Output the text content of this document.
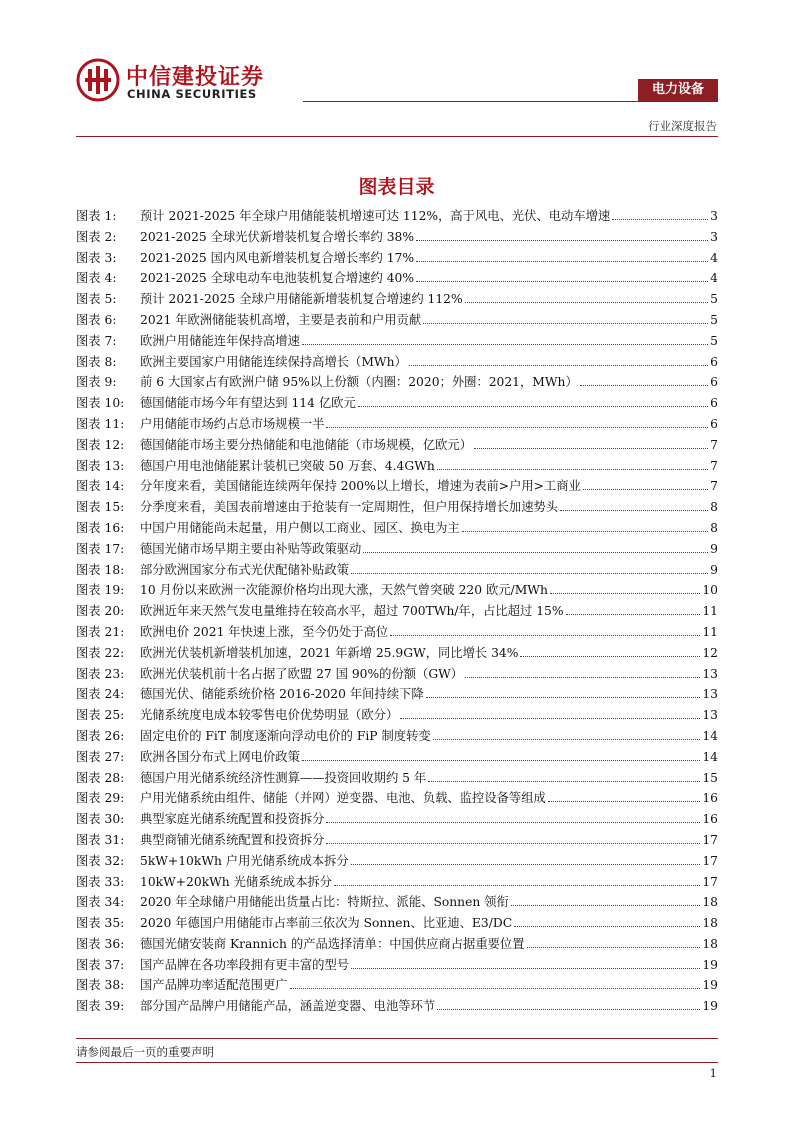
中信建投证券
CHINA SECURITIES	电力设备
行业深度报告
图表目录
图表 1:	预计 2021-2025 年全球户用储能装机增速可达 112%，高于风电、光伏、电动车增速	3
图表 2:	2021-2025 全球光伏新增装机复合增长率约 38%	3
图表 3:	2021-2025 国内风电新增装机复合增长率约 17%	4
图表 4:	2021-2025 全球电动车电池装机复合增速约 40%	4
图表 5:	预计 2021-2025 全球户用储能新增装机复合增速约 112%	5
图表 6:	2021 年欧洲储能装机高增，主要是表前和户用贡献	5
图表 7:	欧洲户用储能连年保持高增速	5
图表 8:	欧洲主要国家户用储能连续保持高增长（MWh）	6
图表 9:	前 6 大国家占有欧洲户储 95%以上份额（内圈：2020；外圈：2021，MWh）	6
图表 10:	德国储能市场今年有望达到 114 亿欧元	6
图表 11:	户用储能市场约占总市场规模一半	6
图表 12:	德国储能市场主要分热储能和电池储能（市场规模，亿欧元）	7
图表 13:	德国户用电池储能累计装机已突破 50 万套、4.4GWh	7
图表 14:	分年度来看，美国储能连续两年保持 200%以上增长，增速为表前>户用>工商业	7
图表 15:	分季度来看，美国表前增速由于抢装有一定周期性，但户用保持增长加速势头	8
图表 16:	中国户用储能尚未起量，用户侧以工商业、园区、换电为主	8
图表 17:	德国光储市场早期主要由补贴等政策驱动	9
图表 18:	部分欧洲国家分布式光伏配储补贴政策	9
图表 19:	10 月份以来欧洲一次能源价格均出现大涨，天然气曾突破 220 欧元/MWh	10
图表 20:	欧洲近年来天然气发电量维持在较高水平，超过 700TWh/年，占比超过 15%	11
图表 21:	欧洲电价 2021 年快速上涨，至今仍处于高位	11
图表 22:	欧洲光伏装机新增装机加速，2021 年新增 25.9GW，同比增长 34%	12
图表 23:	欧洲光伏装机前十名占据了欧盟 27 国 90%的份额（GW）	13
图表 24:	德国光伏、储能系统价格 2016-2020 年间持续下降	13
图表 25:	光储系统度电成本较零售电价优势明显（欧分）	13
图表 26:	固定电价的 FiT 制度逐渐向浮动电价的 FiP 制度转变	14
图表 27:	欧洲各国分布式上网电价政策	14
图表 28:	德国户用光储系统经济性测算——投资回收期约 5 年	15
图表 29:	户用光储系统由组件、储能（并网）逆变器、电池、负载、监控设备等组成	16
图表 30:	典型家庭光储系统配置和投资拆分	16
图表 31:	典型商铺光储系统配置和投资拆分	17
图表 32:	5kW+10kWh 户用光储系统成本拆分	17
图表 33:	10kW+20kWh 光储系统成本拆分	17
图表 34:	2020 年全球储户用储能出货量占比：特斯拉、派能、Sonnen 领衔	18
图表 35:	2020 年德国户用储能市占率前三依次为 Sonnen、比亚迪、E3/DC	18
图表 36:	德国光储安装商 Krannich 的产品选择清单：中国供应商占据重要位置	18
图表 37:	国产品牌在各功率段拥有更丰富的型号	19
图表 38:	国产品牌功率适配范围更广	19
图表 39:	部分国产品牌户用储能产品，涵盖逆变器、电池等环节	19
请参阅最后一页的重要声明
1
